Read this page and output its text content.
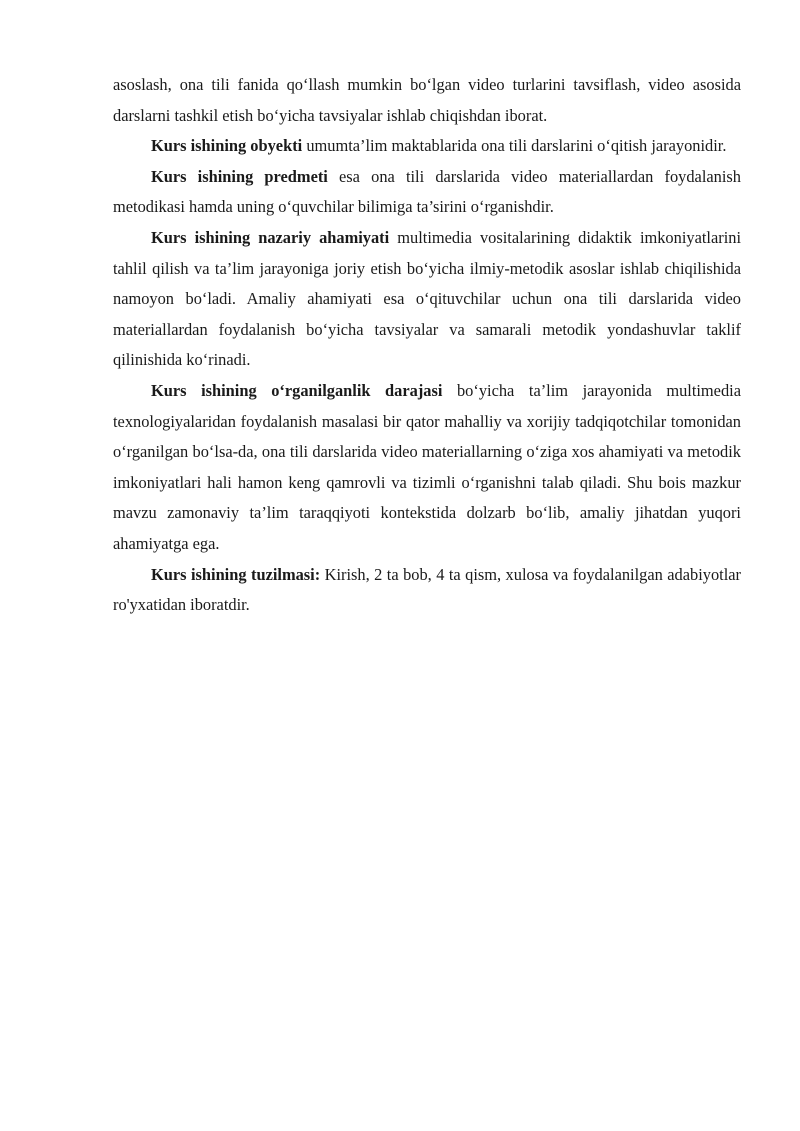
asoslash, ona tili fanida qo‘llash mumkin bo‘lgan video turlarini tavsiflash, video asosida darslarni tashkil etish bo‘yicha tavsiyalar ishlab chiqishdan iborat.

Kurs ishining obyekti umumta’lim maktablarida ona tili darslarini o‘qitish jarayonidir.

Kurs ishining predmeti esa ona tili darslarida video materiallardan foydalanish metodikasi hamda uning o‘quvchilar bilimiga ta’sirini o‘rganishdir.

Kurs ishining nazariy ahamiyati multimedia vositalarining didaktik imkoniyatlarini tahlil qilish va ta’lim jarayoniga joriy etish bo‘yicha ilmiy-metodik asoslar ishlab chiqilishida namoyon bo‘ladi. Amaliy ahamiyati esa o‘qituvchilar uchun ona tili darslarida video materiallardan foydalanish bo‘yicha tavsiyalar va samarali metodik yondashuvlar taklif qilinishida ko‘rinadi.

Kurs ishining o‘rganilganlik darajasi bo‘yicha ta’lim jarayonida multimedia texnologiyalaridan foydalanish masalasi bir qator mahalliy va xorijiy tadqiqotchilar tomonidan o‘rganilgan bo‘lsa-da, ona tili darslarida video materiallarning o‘ziga xos ahamiyati va metodik imkoniyatlari hali hamon keng qamrovli va tizimli o‘rganishni talab qiladi. Shu bois mazkur mavzu zamonaviy ta’lim taraqqiyoti kontekstida dolzarb bo‘lib, amaliy jihatdan yuqori ahamiyatga ega.

Kurs ishining tuzilmasi: Kirish, 2 ta bob, 4 ta qism, xulosa va foydalanilgan adabiyotlar ro'yxatidan iboratdir.
